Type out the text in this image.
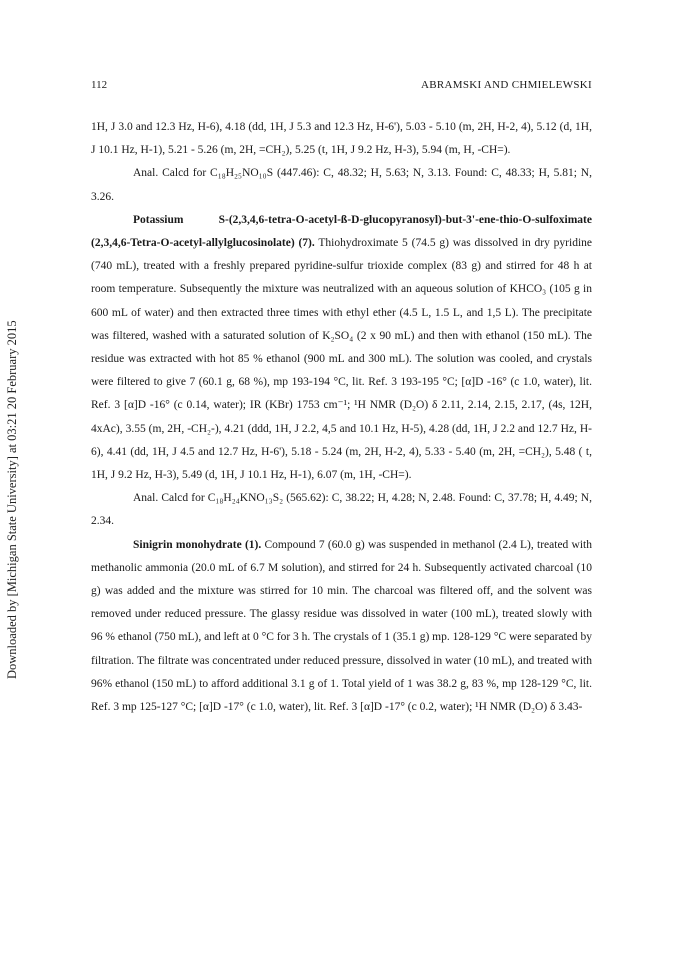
Downloaded by [Michigan State University] at 03:21 20 February 2015
112	ABRAMSKI AND CHMIELEWSKI

1H, J 3.0 and 12.3 Hz, H-6), 4.18 (dd, 1H, J 5.3 and 12.3 Hz, H-6'), 5.03 - 5.10 (m, 2H, H-2, 4), 5.12 (d, 1H, J 10.1 Hz, H-1), 5.21 - 5.26 (m, 2H, =CH₂), 5.25 (t, 1H, J 9.2 Hz, H-3), 5.94 (m, H, -CH=).

Anal. Calcd for C₁₈H₂₅NO₁₀S (447.46): C, 48.32; H, 5.63; N, 3.13. Found: C, 48.33; H, 5.81; N, 3.26.

Potassium S-(2,3,4,6-tetra-O-acetyl-ß-D-glucopyranosyl)-but-3'-ene-thio-O-sulfoximate (2,3,4,6-Tetra-O-acetyl-allylglucosinolate) (7). Thiohydroximate 5 (74.5 g) was dissolved in dry pyridine (740 mL), treated with a freshly prepared pyridine-sulfur trioxide complex (83 g) and stirred for 48 h at room temperature. Subsequently the mixture was neutralized with an aqueous solution of KHCO₃ (105 g in 600 mL of water) and then extracted three times with ethyl ether (4.5 L, 1.5 L, and 1,5 L). The precipitate was filtered, washed with a saturated solution of K₂SO₄ (2 x 90 mL) and then with ethanol (150 mL). The residue was extracted with hot 85 % ethanol (900 mL and 300 mL). The solution was cooled, and crystals were filtered to give 7 (60.1 g, 68 %), mp 193-194 °C, lit. Ref. 3 193-195 °C; [α]D -16° (c 1.0, water), lit. Ref. 3 [α]D -16° (c 0.14, water); IR (KBr) 1753 cm⁻¹; ¹H NMR (D₂O) δ 2.11, 2.14, 2.15, 2.17, (4s, 12H, 4xAc), 3.55 (m, 2H, -CH₂-), 4.21 (ddd, 1H, J 2.2, 4,5 and 10.1 Hz, H-5), 4.28 (dd, 1H, J 2.2 and 12.7 Hz, H-6), 4.41 (dd, 1H, J 4.5 and 12.7 Hz, H-6'), 5.18 - 5.24 (m, 2H, H-2, 4), 5.33 - 5.40 (m, 2H, =CH₂), 5.48 ( t, 1H, J 9.2 Hz, H-3), 5.49 (d, 1H, J 10.1 Hz, H-1), 6.07 (m, 1H, -CH=).

Anal. Calcd for C₁₈H₂₄KNO₁₃S₂ (565.62): C, 38.22; H, 4.28; N, 2.48. Found: C, 37.78; H, 4.49; N, 2.34.

Sinigrin monohydrate (1). Compound 7 (60.0 g) was suspended in methanol (2.4 L), treated with methanolic ammonia (20.0 mL of 6.7 M solution), and stirred for 24 h. Subsequently activated charcoal (10 g) was added and the mixture was stirred for 10 min. The charcoal was filtered off, and the solvent was removed under reduced pressure. The glassy residue was dissolved in water (100 mL), treated slowly with 96 % ethanol (750 mL), and left at 0 °C for 3 h. The crystals of 1 (35.1 g) mp. 128-129 °C were separated by filtration. The filtrate was concentrated under reduced pressure, dissolved in water (10 mL), and treated with 96% ethanol (150 mL) to afford additional 3.1 g of 1. Total yield of 1 was 38.2 g, 83 %, mp 128-129 °C, lit. Ref. 3 mp 125-127 °C; [α]D -17° (c 1.0, water), lit. Ref. 3 [α]D -17° (c 0.2, water); ¹H NMR (D₂O) δ 3.43-
